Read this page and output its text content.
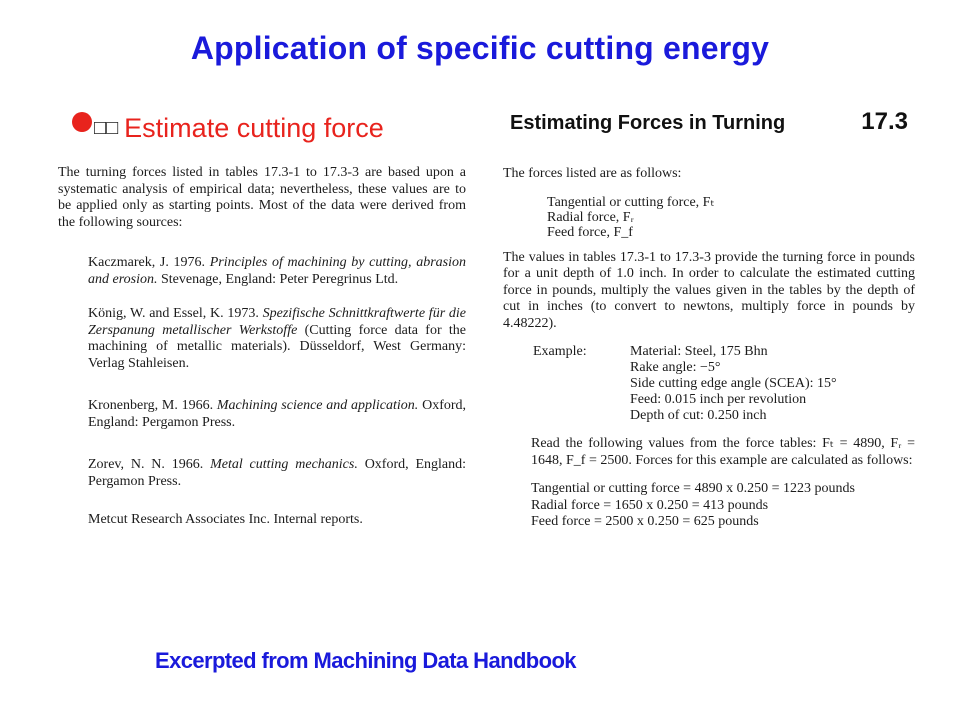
Application of specific cutting energy
□□ Estimate cutting force

The turning forces listed in tables 17.3-1 to 17.3-3 are based upon a systematic analysis of empirical data; nevertheless, these values are to be applied only as starting points. Most of the data were derived from the following sources:

Kaczmarek, J. 1976. Principles of machining by cutting, abrasion and erosion. Stevenage, England: Peter Peregrinus Ltd.

König, W. and Essel, K. 1973. Spezifische Schnittkraftwerte für die Zerspanung metallischer Werkstoffe (Cutting force data for the machining of metallic materials). Düsseldorf, West Germany: Verlag Stahleisen.

Kronenberg, M. 1966. Machining science and application. Oxford, England: Pergamon Press.

Zorev, N. N. 1966. Metal cutting mechanics. Oxford, England: Pergamon Press.

Metcut Research Associates Inc. Internal reports.

Estimating Forces in Turning	17.3

The forces listed are as follows:

Tangential or cutting force, Fₜ
Radial force, Fᵣ
Feed force, F_f

The values in tables 17.3-1 to 17.3-3 provide the turning force in pounds for a unit depth of 1.0 inch. In order to calculate the estimated cutting force in pounds, multiply the values given in the tables by the depth of cut in inches (to convert to newtons, multiply force in pounds by 4.48222).

Example:	Material: Steel, 175 Bhn
Rake angle: −5°
Side cutting edge angle (SCEA): 15°
Feed: 0.015 inch per revolution
Depth of cut: 0.250 inch

Read the following values from the force tables: Fₜ = 4890, Fᵣ = 1648, F_f = 2500. Forces for this example are calculated as follows:

Tangential or cutting force = 4890 x 0.250 = 1223 pounds
Radial force = 1650 x 0.250 = 413 pounds
Feed force = 2500 x 0.250 = 625 pounds
Excerpted from Machining Data Handbook
